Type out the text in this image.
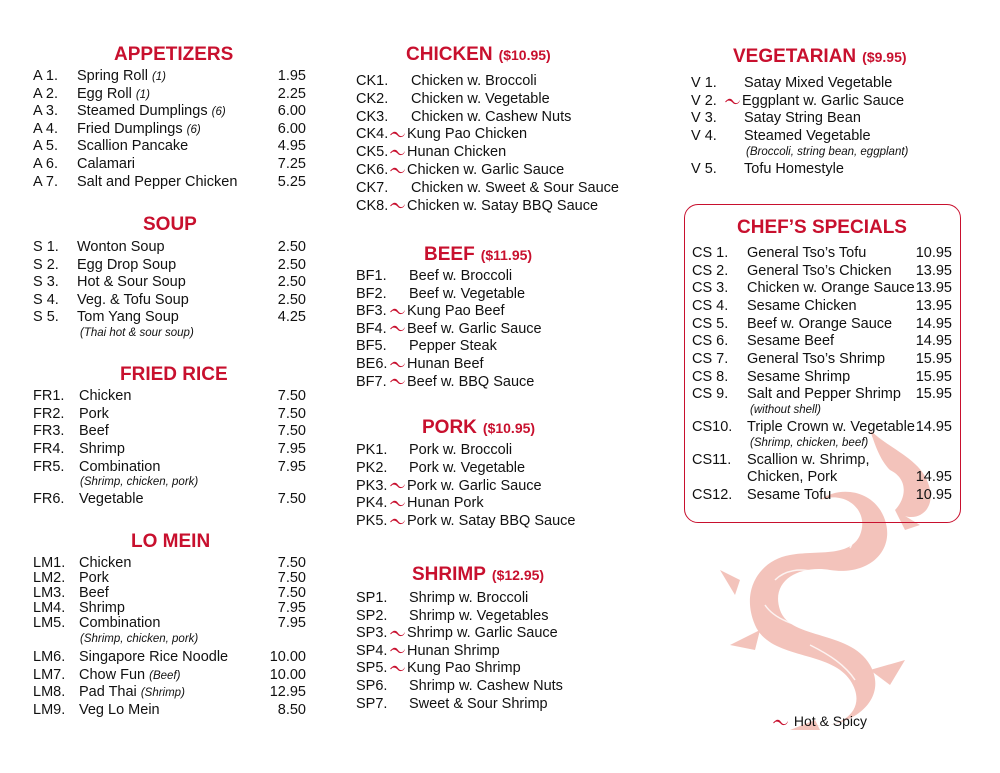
APPETIZERS
A 1. Spring Roll (1)	1.95
A 2. Egg Roll (1)	2.25
A 3. Steamed Dumplings (6)	6.00
A 4. Fried Dumplings (6)	6.00
A 5. Scallion Pancake	4.95
A 6. Calamari	7.25
A 7. Salt and Pepper Chicken	5.25
SOUP
S 1. Wonton Soup	2.50
S 2. Egg Drop Soup	2.50
S 3. Hot & Sour Soup	2.50
S 4. Veg. & Tofu Soup	2.50
S 5. Tom Yang Soup	4.25
(Thai hot & sour soup)
FRIED RICE
FR1. Chicken	7.50
FR2. Pork	7.50
FR3. Beef	7.50
FR4. Shrimp	7.95
FR5. Combination	7.95
FR6. Vegetable	7.50
(Shrimp, chicken, pork)
LO MEIN
LM1. Chicken	7.50
LM2. Pork	7.50
LM3. Beef	7.50
LM4. Shrimp	7.95
LM5. Combination	7.95
LM6. Singapore Rice Noodle	10.00
LM7. Chow Fun (Beef)	10.00
LM8. Pad Thai (Shrimp)	12.95
LM9. Veg Lo Mein	8.50
(Shrimp, chicken, pork)
CHICKEN ($10.95)
CK1. Chicken w. Broccoli
CK2. Chicken w. Vegetable
CK3. Chicken w. Cashew Nuts
CK4.	Kung Pao Chicken
CK5.	Hunan Chicken
CK6.	Chicken w. Garlic Sauce
CK7. Chicken w. Sweet & Sour Sauce
CK8.	Chicken w. Satay BBQ Sauce
BEEF ($11.95)
BF1. Beef w. Broccoli
BF2. Beef w. Vegetable
BF3.	Kung Pao Beef
BF4.	Beef w. Garlic Sauce
BF5. Pepper Steak
BE6.	Hunan Beef
BF7.	Beef w. BBQ Sauce
PORK ($10.95)
PK1. Pork w. Broccoli
PK2. Pork w. Vegetable
PK3.	Pork w. Garlic Sauce
PK4.	Hunan Pork
PK5.	Pork w. Satay BBQ Sauce
SHRIMP ($12.95)
SP1. Shrimp w. Broccoli
SP2. Shrimp w. Vegetables
SP3.	Shrimp w. Garlic Sauce
SP4.	Hunan Shrimp
SP5.	Kung Pao Shrimp
SP6. Shrimp w. Cashew Nuts
SP7. Sweet & Sour Shrimp
VEGETARIAN ($9.95)
V 1. Satay Mixed Vegetable
V 2.	Eggplant w. Garlic Sauce
V 3. Satay String Bean
V 4. Steamed Vegetable
V 5. Tofu Homestyle
(Broccoli, string bean, eggplant)
CHEF’S SPECIALS
CS 1. General Tso’s Tofu	10.95
CS 2. General Tso’s Chicken 13.95
CS 3. Chicken w. Orange Sauce 13.95
CS 4. Sesame Chicken	13.95
CS 5. Beef w. Orange Sauce 14.95
CS 6. Sesame Beef	14.95
CS 7. General Tso’s Shrimp 15.95
CS 8. Sesame Shrimp	15.95
CS 9. Salt and Pepper Shrimp 15.95
CS10. Triple Crown w. Vegetable 14.95
CS11. Scallion w. Shrimp,
Chicken, Pork	14.95
CS12. Sesame Tofu	10.95
(without shell)
(Shrimp, chicken, beef)
Hot & Spicy
